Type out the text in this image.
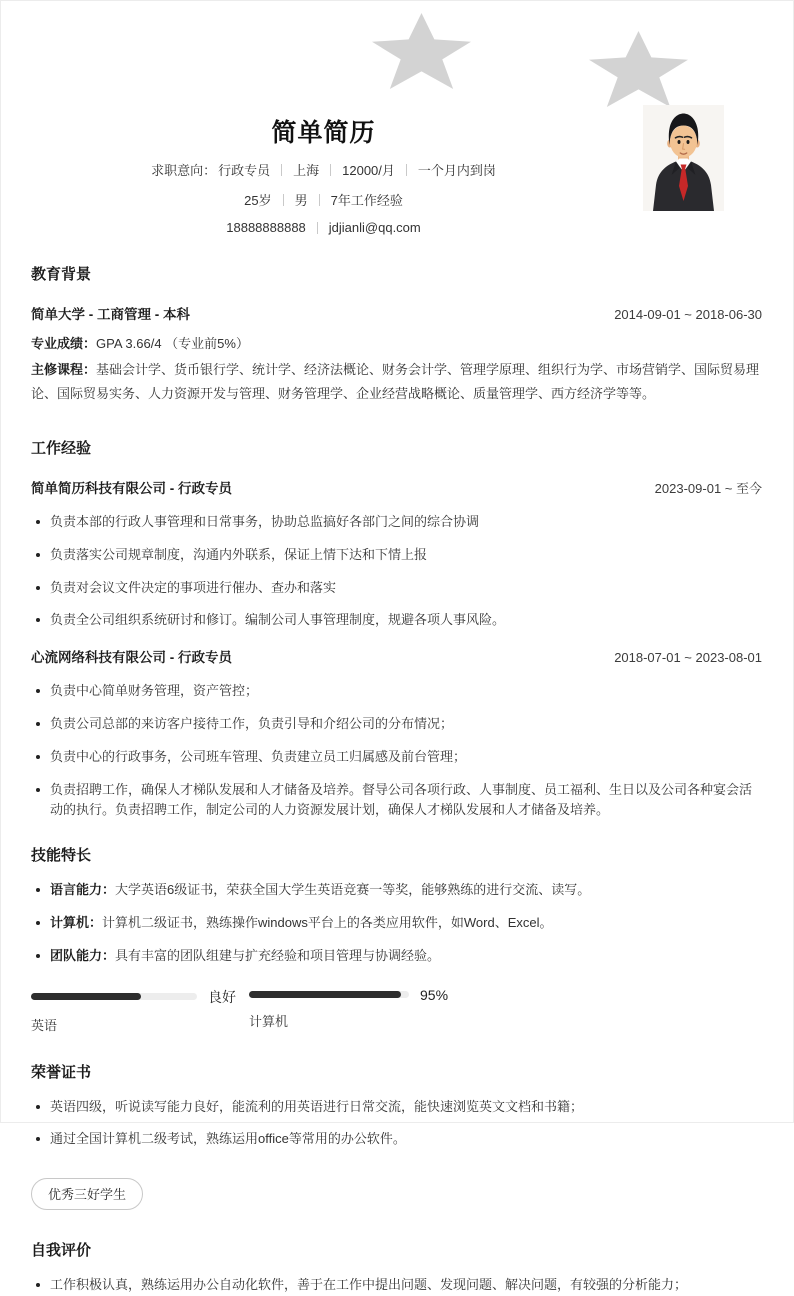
简单简历
求职意向： 行政专员 上海 12000/月 一个月内到岗
25岁 男 7年工作经验
18888888888 jdjianli@qq.com
教育背景
简单大学 - 工商管理 - 本科	2014-09-01 ~ 2018-06-30
专业成绩：GPA 3.66/4 （专业前5%）
主修课程：基础会计学、货币银行学、统计学、经济法概论、财务会计学、管理学原理、组织行为学、市场营销学、国际贸易理论、国际贸易实务、人力资源开发与管理、财务管理学、企业经营战略概论、质量管理学、西方经济学等等。
工作经验
简单简历科技有限公司 - 行政专员	2023-09-01 ~ 至今
负责本部的行政人事管理和日常事务，协助总监搞好各部门之间的综合协调
负责落实公司规章制度，沟通内外联系，保证上情下达和下情上报
负责对会议文件决定的事项进行催办、查办和落实
负责全公司组织系统研讨和修订。编制公司人事管理制度，规避各项人事风险。
心流网络科技有限公司 - 行政专员	2018-07-01 ~ 2023-08-01
负责中心简单财务管理，资产管控；
负责公司总部的来访客户接待工作，负责引导和介绍公司的分布情况；
负责中心的行政事务，公司班车管理、负责建立员工归属感及前台管理；
负责招聘工作，确保人才梯队发展和人才储备及培养。督导公司各项行政、人事制度、员工福利、生日以及公司各种宴会活动的执行。负责招聘工作，制定公司的人力资源发展计划，确保人才梯队发展和人才储备及培养。
技能特长
语言能力：大学英语6级证书，荣获全国大学生英语竞赛一等奖，能够熟练的进行交流、读写。
计算机：计算机二级证书，熟练操作windows平台上的各类应用软件，如Word、Excel。
团队能力：具有丰富的团队组建与扩充经验和项目管理与协调经验。
良好
英语
95%
计算机
荣誉证书
英语四级，听说读写能力良好，能流利的用英语进行日常交流，能快速浏览英文文档和书籍；
通过全国计算机二级考试，熟练运用office等常用的办公软件。
优秀三好学生
自我评价
工作积极认真，熟练运用办公自动化软件，善于在工作中提出问题、发现问题、解决问题，有较强的分析能力；
